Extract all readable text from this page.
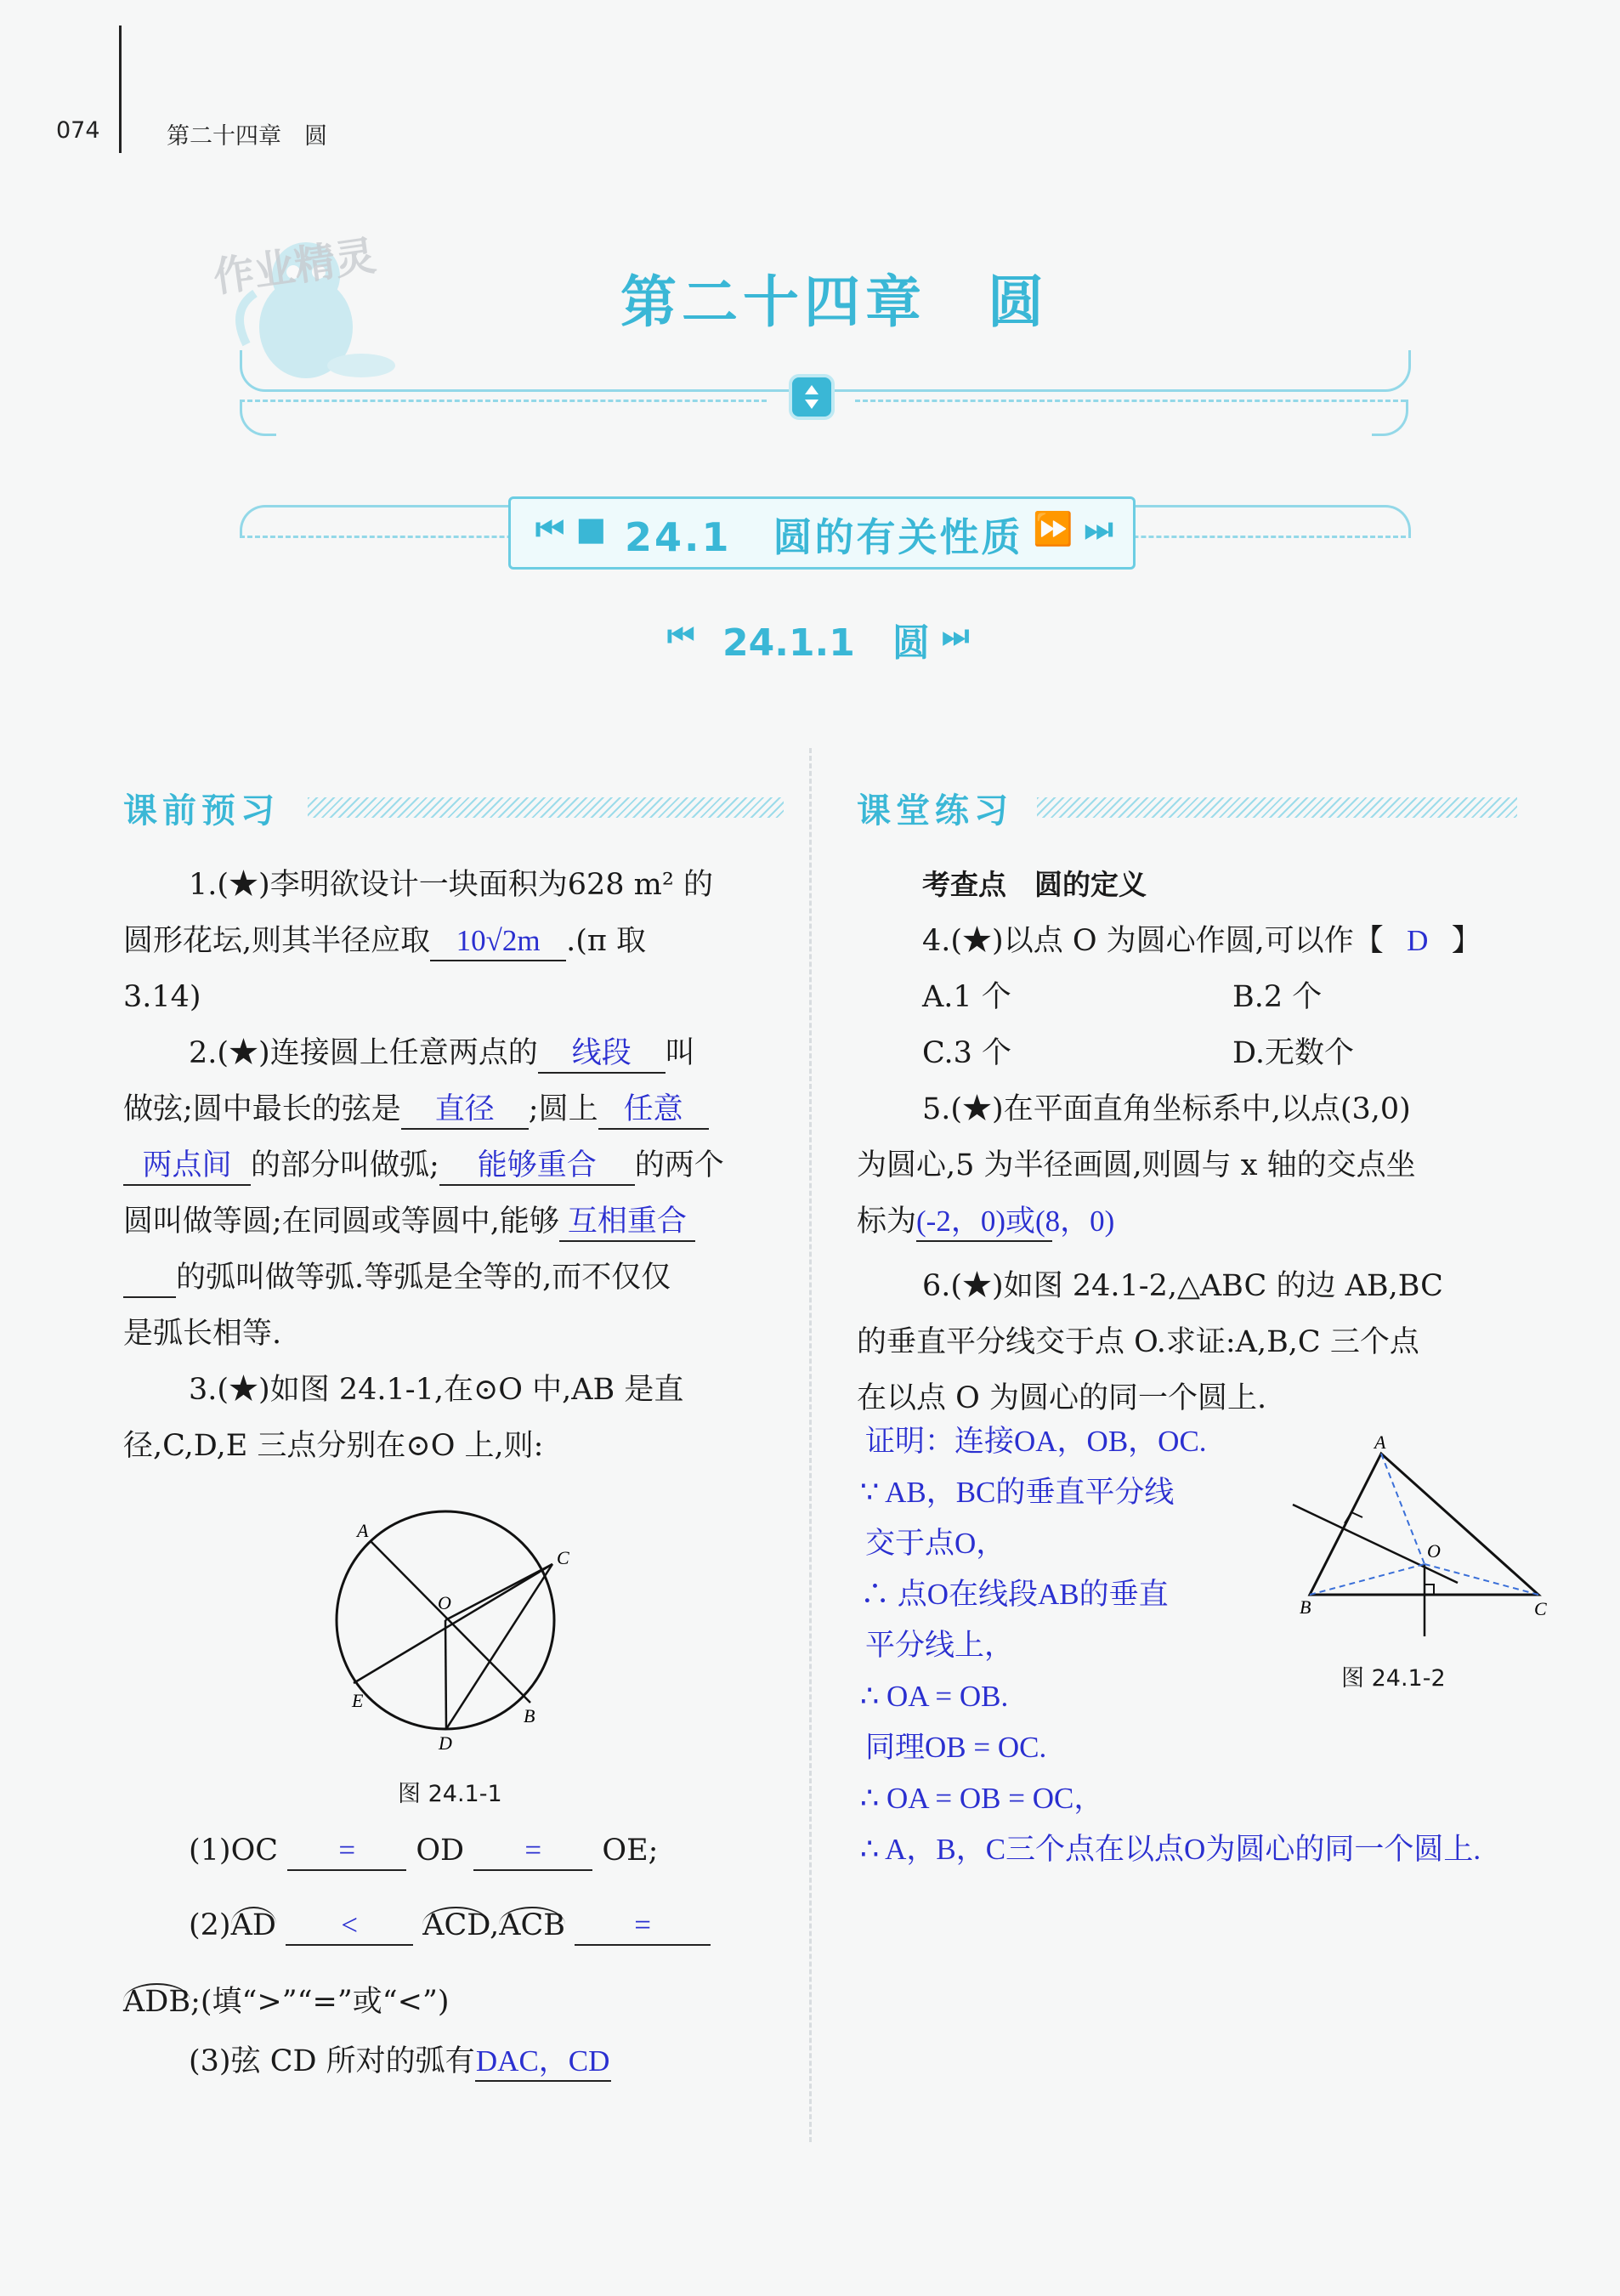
074	第二十四章　圆
作业精灵
第二十四章　圆
⏮ ■ 24.1　圆的有关性质 ⏩ ⏭
⏮ 24.1.1　圆 ⏭
课前预习
1.(★)李明欲设计一块面积为628 m² 的
圆形花坛,则其半径应取 10√2m .(π 取
3.14)
2.(★)连接圆上任意两点的 线段 叫
做弦;圆中最长的弦是 直径 ;圆上 任意
两点间 的部分叫做弧; 能够重合 的两个
圆叫做等圆;在同圆或等圆中,能够 互相重合
的弧叫做等弧.等弧是全等的,而不仅仅
是弧长相等.
3.(★)如图 24.1-1,在⊙O 中,AB 是直
径,C,D,E 三点分别在⊙O 上,则:
A
C
O
E
B
D
图 24.1-1
(1)OC = OD = OE;
(2)AD < ACD,ACB =
ADB;(填“>”“=”或“<”)
(3)弦 CD 所对的弧有DAC，CD
课堂练习
考查点　圆的定义
4.(★)以点 O 为圆心作圆,可以作【 D 】
A.1 个	B.2 个
C.3 个	D.无数个
5.(★)在平面直角坐标系中,以点(3,0)
为圆心,5 为半径画圆,则圆与 x 轴的交点坐
标为(-2，0)或(8，0)
6.(★)如图 24.1-2,△ABC 的边 AB,BC
的垂直平分线交于点 O.求证:A,B,C 三个点
在以点 O 为圆心的同一个圆上.
证明：连接OA，OB，OC.
∵ AB，BC的垂直平分线
交于点O，
∴ 点O在线段AB的垂直
平分线上，
∴ OA = OB.
同理OB = OC.
∴ OA = OB = OC，
∴ A，B，C三个点在以点O为圆心的同一个圆上.
A
O
B	C
图 24.1-2
